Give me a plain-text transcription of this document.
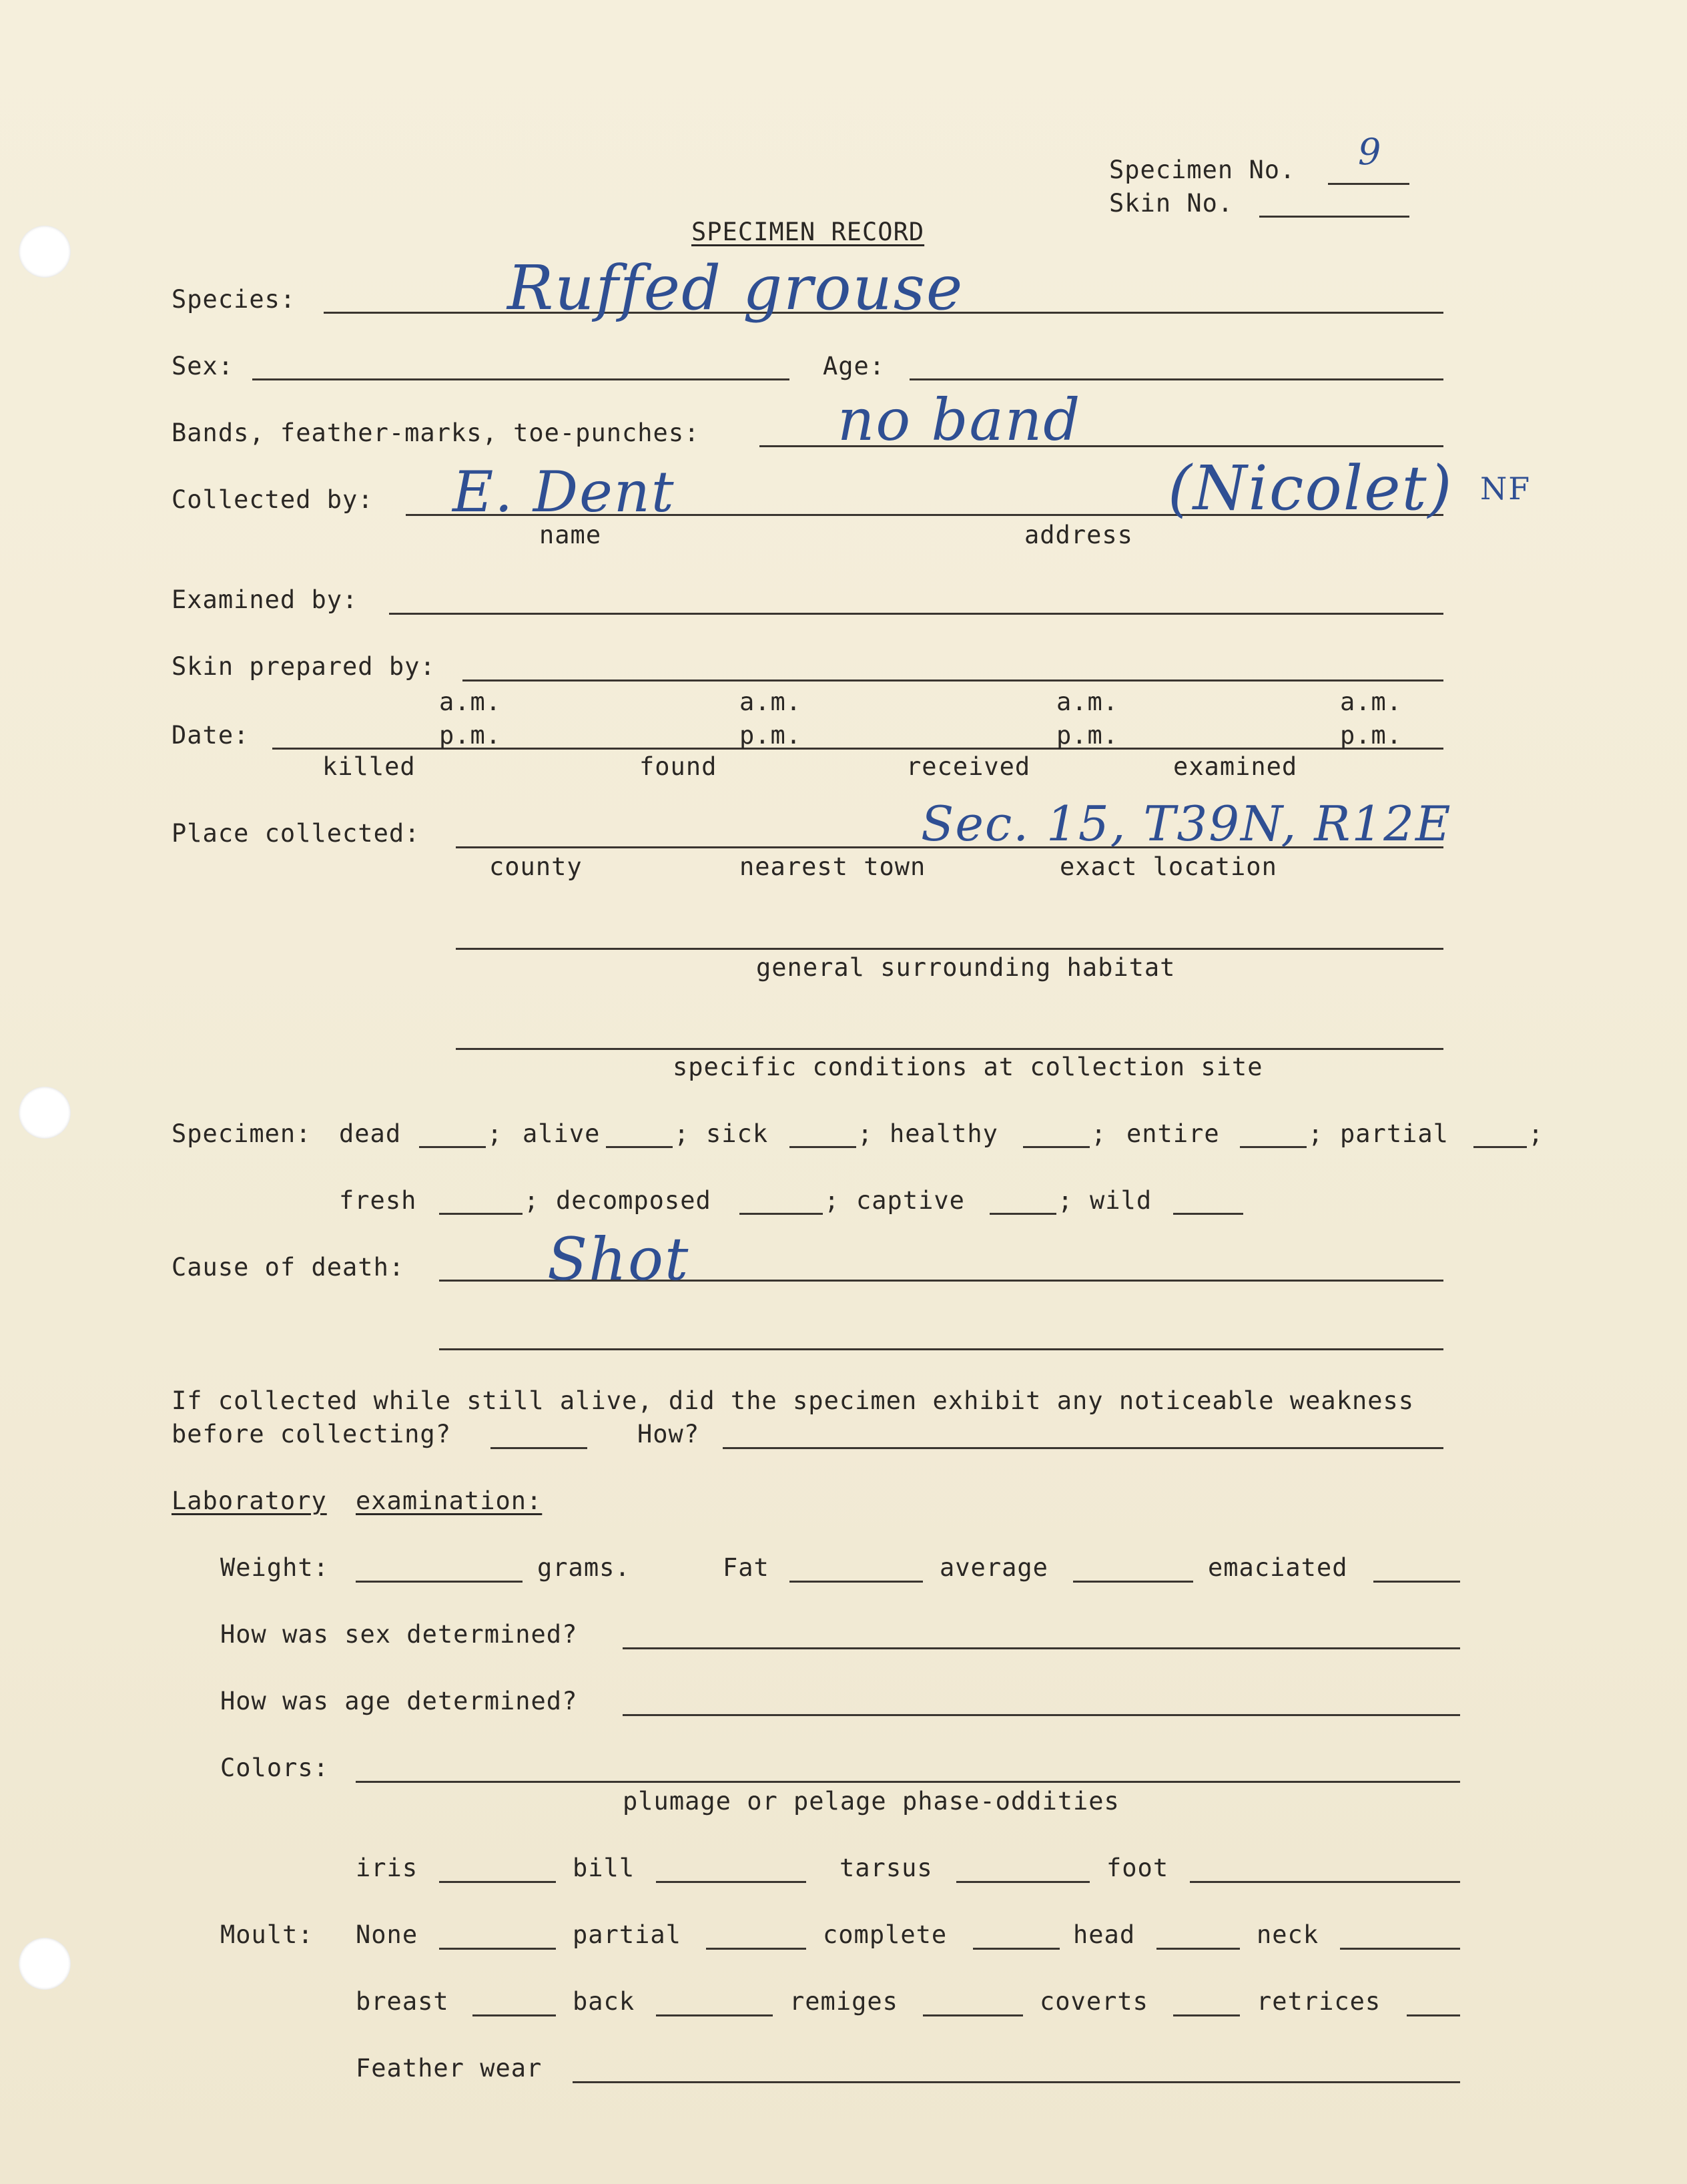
Specimen No. 9
Skin No.
SPECIMEN RECORD
Species:	Ruffed grouse
Sex:	Age:
Bands, feather-marks, toe-punches: no band
Collected by: E. Dent	(Nicolet) NF
name	address
Examined by:
Skin prepared by:
a.m.	a.m.	a.m.	a.m.
Date:	p.m.	p.m.	p.m.	p.m.
killed	found	received	examined
Place collected:	Sec. 15, T39N, R12E
county	nearest town	exact location
general surrounding habitat
specific conditions at collection site
Specimen: dead	; alive	; sick	; healthy	; entire	; partial	;
fresh	; decomposed	; captive	; wild
Cause of death: Shot
If collected while still alive, did the specimen exhibit any noticeable weakness
before collecting?	How?
Laboratory examination:
Weight:	grams.	Fat	average	emaciated
How was sex determined?
How was age determined?
Colors:
plumage or pelage phase-oddities
iris	bill	tarsus	foot
Moult: None	partial	complete	head	neck
breast	back	remiges	coverts	retrices
Feather wear
